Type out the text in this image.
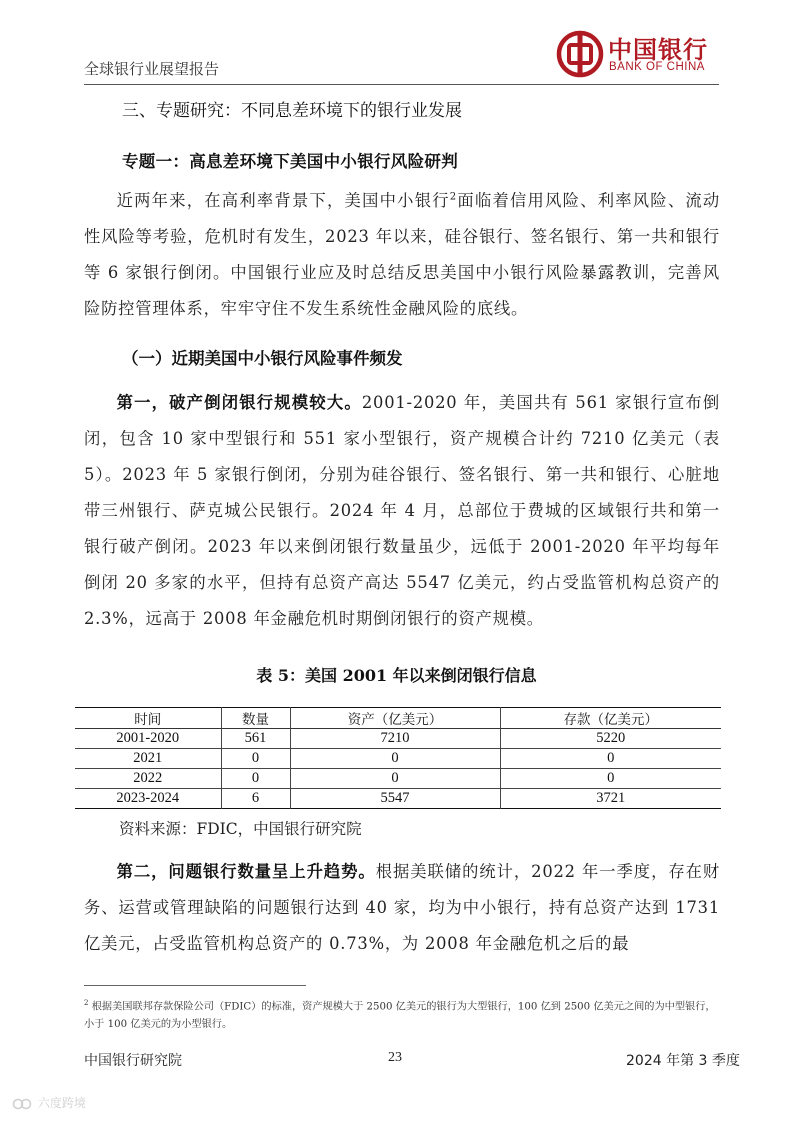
全球银行业展望报告
中国银行
BANK OF CHINA
三、专题研究：不同息差环境下的银行业发展
专题一：高息差环境下美国中小银行风险研判

近两年来，在高利率背景下，美国中小银行$^2$面临着信用风险、利率风险、流动性风险等考验，危机时有发生，2023 年以来，硅谷银行、签名银行、第一共和银行等 6 家银行倒闭。中国银行业应及时总结反思美国中小银行风险暴露教训，完善风险防控管理体系，牢牢守住不发生系统性金融风险的底线。

（一）近期美国中小银行风险事件频发

第一，破产倒闭银行规模较大。2001-2020 年，美国共有 561 家银行宣布倒闭，包含 10 家中型银行和 551 家小型银行，资产规模合计约 7210 亿美元（表 5）。2023 年 5 家银行倒闭，分别为硅谷银行、签名银行、第一共和银行、心脏地带三州银行、萨克城公民银行。2024 年 4 月，总部位于费城的区域银行共和第一银行破产倒闭。2023 年以来倒闭银行数量虽少，远低于 2001-2020 年平均每年倒闭 20 多家的水平，但持有总资产高达 5547 亿美元，约占受监管机构总资产的 2.3%，远高于 2008 年金融危机时期倒闭银行的资产规模。

表 5：美国 2001 年以来倒闭银行信息
时间	数量	资产（亿美元）	存款（亿美元）
2001-2020	561	7210	5220
2021	0	0	0
2022	0	0	0
2023-2024	6	5547	3721
资料来源：FDIC，中国银行研究院

第二，问题银行数量呈上升趋势。根据美联储的统计，2022 年一季度，存在财务、运营或管理缺陷的问题银行达到 40 家，均为中小银行，持有总资产达到 1731 亿美元，占受监管机构总资产的 0.73%，为 2008 年金融危机之后的最

$^2$ 根据美国联邦存款保险公司（FDIC）的标准，资产规模大于 2500 亿美元的银行为大型银行，100 亿到 2500 亿美元之间的为中型银行，小于 100 亿美元的为小型银行。

中国银行研究院	23	2024 年第 3 季度
六度跨境
